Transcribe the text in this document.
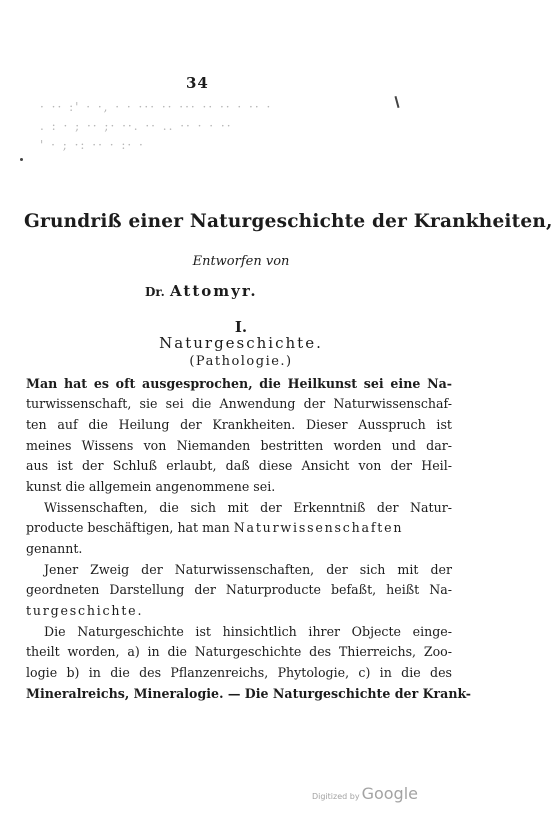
34
· ·· :' · ·, · · ··· ·· ··· ·· ·· · ·· ·
. : · ; ·· ;· ··. ·· .. ·· · · ··
' · ; ·: ·· · :· ·
Grundriß einer Naturgeschichte der Krankheiten,
Entworfen von
Dr. Attomyr.
I.
Naturgeschichte.
(Pathologie.)
Man hat es oft ausgesprochen, die Heilkunst sei eine Na-
turwissenschaft, sie sei die Anwendung der Naturwissenschaf-
ten auf die Heilung der Krankheiten. Dieser Ausspruch ist
meines Wissens von Niemanden bestritten worden und dar-
aus ist der Schluß erlaubt, daß diese Ansicht von der Heil-
kunst die allgemein angenommene sei.
Wissenschaften, die sich mit der Erkenntniß der Natur-
producte beschäftigen, hat man Naturwissenschaften
genannt.
Jener Zweig der Naturwissenschaften, der sich mit der
geordneten Darstellung der Naturproducte befaßt, heißt Na-
turgeschichte.
Die Naturgeschichte ist hinsichtlich ihrer Objecte einge-
theilt worden, a) in die Naturgeschichte des Thierreichs, Zoo-
logie b) in die des Pflanzenreichs, Phytologie, c) in die des
Mineralreichs, Mineralogie. — Die Naturgeschichte der Krank-
Digitized by Google
